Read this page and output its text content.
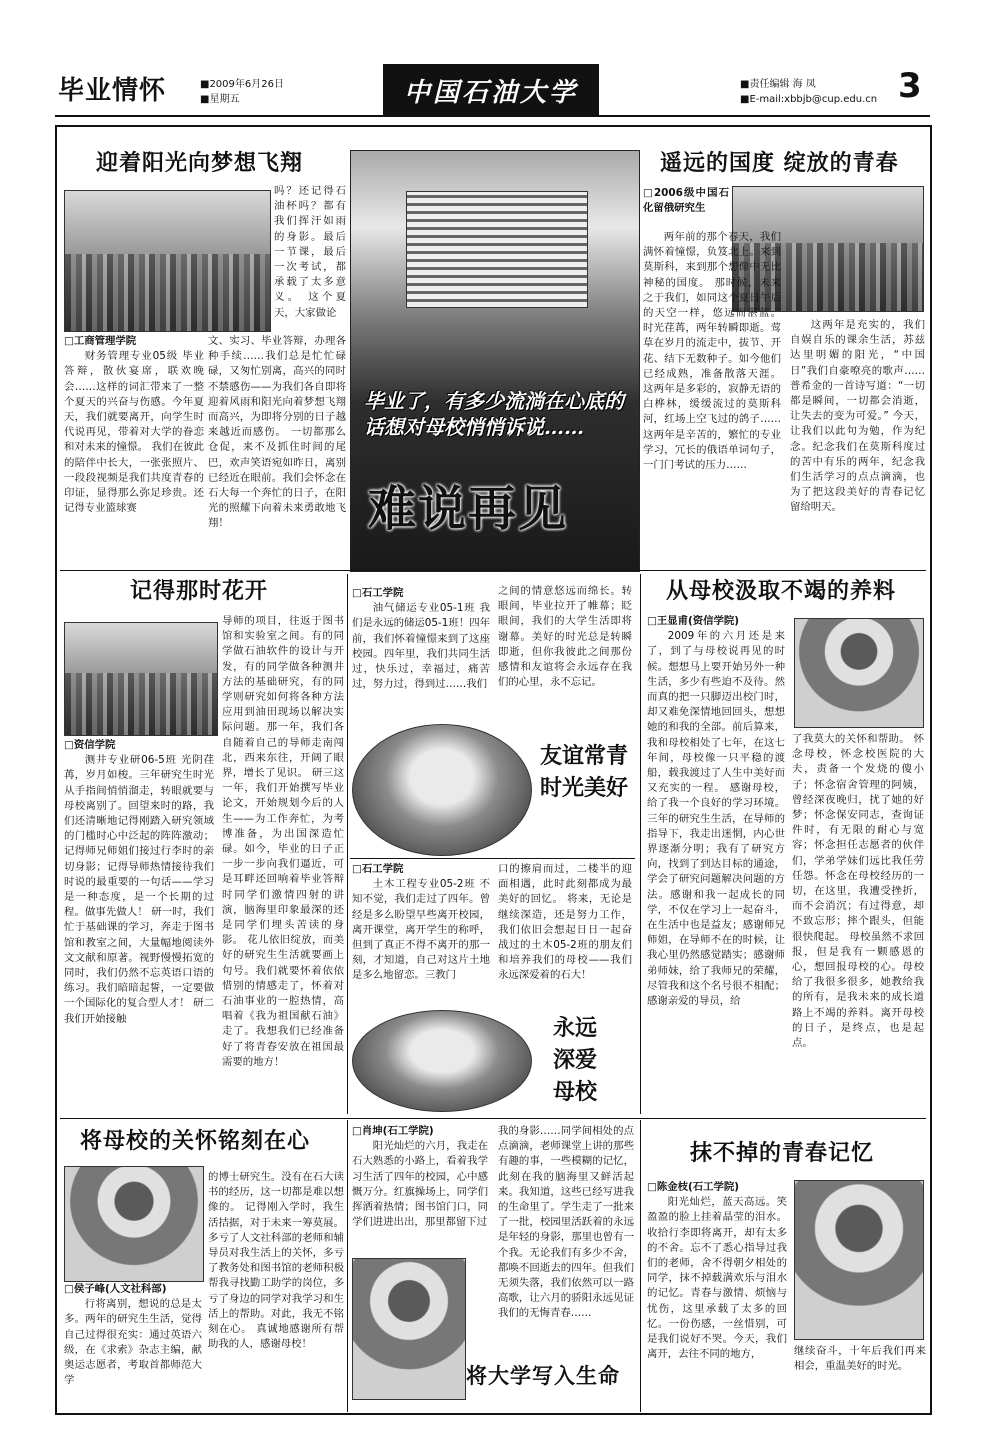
毕业情怀	■2009年6月26日
■星期五	中国石油大学	■责任编辑 海 凤
■E-mail:xbbjb@cup.edu.cn 3
毕业了，有多少流淌在心底的话想对母校悄悄诉说……
难说再见
迎着阳光向梦想飞翔

□工商管理学院

财务管理专业05级 毕业答辩，散伙宴席，联欢晚会……这样的词汇带来了一整个夏天的兴奋与伤感。今年夏天，我们就要离开，向学生时代说再见，带着对大学的眷恋和对未来的憧憬。 我们在彼此的陪伴中长大，一张张照片、一段段视频是我们共度青春的印证，显得那么弥足珍贵。还记得专业篮球赛

吗？还记得石油杯吗？都有我们挥汗如雨的身影。最后一节课，最后一次考试，都承载了太多意义。 这个夏天，大家做论

文、实习、毕业答辩，办理各种手续……我们总是忙忙碌碌，又匆忙别离，高兴的同时不禁感伤——为我们各自即将迎着风雨和阳光向着梦想飞翔而高兴，为即将分别的日子越来越近而感伤。 一切都那么仓促，来不及抓住时间的尾巴，欢声笑语宛如昨日，离别已经近在眼前。我们会怀念在石大每一个奔忙的日子，在阳光的照耀下向着未来勇敢地飞翔！

遥远的国度 绽放的青春

□2006级中国石化留俄研究生

两年前的那个春天，我们满怀着憧憬，负笈北上。来到莫斯科，来到那个想像中无比神秘的国度。 那时候，未来之于我们，如同这个夏日午后的天空一样，悠远而湛蓝。 时光荏苒，两年转瞬即逝。莺草在岁月的流走中，拔节、开花、结下无数种子。如今他们已经成熟，准备散落天涯。 这两年是多彩的，寂静无语的白桦林，缓缓流过的莫斯科河，红场上空飞过的鸽子…… 这两年是辛苦的，繁忙的专业学习，冗长的俄语单词句子，一门门考试的压力……

这两年是充实的，我们自娱自乐的课余生活，苏兹达里明媚的阳光，“中国日”我们自豪嘹亮的歌声…… 普希金的一首诗写道：“一切都是瞬间，一切都会消逝，让失去的变为可爱。” 今天，让我们以此句为勉，作为纪念。纪念我们在莫斯科度过的苦中有乐的两年，纪念我们生活学习的点点滴滴，也为了把这段美好的青春记忆留给明天。

记得那时花开

□资信学院

测井专业研06-5班 光阴荏苒，岁月如梭。三年研究生时光从手指间悄悄溜走，转眼就要与母校离别了。回望来时的路，我们还清晰地记得刚踏入研究领域的门槛时心中泛起的阵阵激动；记得师兄师姐们接过行李时的亲切身影；记得导师热情接待我们时说的最重要的一句话——学习是一种态度，是一个长期的过程。做事先做人！ 研一时，我们忙于基础课的学习，奔走于图书馆和教室之间，大量幅地阅读外文文献和原著。视野慢慢拓宽的同时，我们仍然不忘英语口语的练习。我们暗暗起誓，一定要做一个国际化的复合型人才！ 研二我们开始接触

导师的项目，往返于图书馆和实验室之间。有的同学做石油软件的设计与开发，有的同学做各种测井方法的基础研究，有的同学则研究如何将各种方法应用到油田现场以解决实际问题。那一年，我们各自随着自己的导师走南闯北，西来东往，开阔了眼界，增长了见识。 研三这一年，我们开始撰写毕业论文，开始规划今后的人生——为工作奔忙，为考博准备，为出国深造忙碌。如今，毕业的日子正一步一步向我们逼近，可是耳畔还回响着毕业答辩时同学们激情四射的讲演，脑海里印象最深的还是同学们埋头苦读的身影。 花儿依旧绽放，而美好的研究生生活就要画上句号。我们就要怀着依依惜别的情感走了，怀着对石油事业的一腔热情，高唱着《我为祖国献石油》走了。我想我们已经准备好了将青春安放在祖国最需要的地方！

□石工学院

油气储运专业05-1班 我们是永远的储运05-1班！四年前，我们怀着憧憬来到了这座校园。四年里，我们共同生活过，快乐过，幸福过，痛苦过，努力过，得到过……我们

之间的情意悠远而绵长。转眼间，毕业拉开了帷幕；眨眼间，我们的大学生活即将谢幕。美好的时光总是转瞬即逝，但你我彼此之间那份感情和友谊将会永远存在我们的心里，永不忘记。

友谊常青
时光美好

□石工学院

土木工程专业05-2班 不知不觉，我们走过了四年。曾经是多么盼望早些离开校园，离开课堂，离开学生的称呼，但到了真正不得不离开的那一刻，才知道，自己对这片土地是多么地留恋。三教门

口的擦肩而过，二楼半的迎面相遇，此时此刻都成为最美好的回忆。 将来，无论是继续深造，还是努力工作，我们依旧会想起日日一起奋战过的土木05-2班的朋友们和培养我们的母校——我们永远深爱着的石大！

永远
深爱
母校
从母校汲取不竭的养料

□王显甫(资信学院)

2009年的六月还是来了，到了与母校说再见的时候。想想马上要开始另外一种生活，多少有些迫不及待。然而真的把一只脚迈出校门时，却又难免深情地回回头，想想她的和我的全部。前后算来，我和母校相处了七年，在这七年间，母校像一只平稳的渡船，载我渡过了人生中美好而又充实的一程。 感谢母校，给了我一个良好的学习环境。三年的研究生生活，在导师的指导下，我走出迷惘，内心世界逐渐分明；我有了研究方向，找到了到达目标的通途，学会了研究问题解决问题的方法。感谢和我一起成长的同学，不仅在学习上一起奋斗，在生活中也是益友；感谢师兄师姐，在导师不在的时候，让我心里仍然感觉踏实；感谢师弟师妹，给了我师兄的荣耀，尽管我和这个名号很不相配；感谢亲爱的导员，给

了我莫大的关怀和帮助。 怀念母校，怀念校医院的大夫，责备一个发烧的傻小子；怀念宿舍管理的阿姨，曾经深夜晚归，扰了她的好梦；怀念保安同志，查询证件时，有无限的耐心与宽容；怀念担任志愿者的伙伴们，学弟学妹们远比我任劳任怨。怀念在母校经历的一切，在这里，我遭受挫折，而不会消沉；有过得意，却不致忘形；摔个跟头，但能很快爬起。 母校虽然不求回报，但是我有一颗感恩的心，想回报母校的心。母校给了我很多很多，她教给我的所有，是我未来的成长道路上不竭的养料。离开母校的日子，是终点，也是起点。

将母校的关怀铭刻在心

□侯子峰(人文社科部)

行将离别，想说的总是太多。两年的研究生生活，觉得自己过得很充实：通过英语六级，在《求索》杂志主编，献奥运志愿者，考取首都师范大学

的博士研究生。没有在石大读书的经历，这一切都是难以想像的。 记得刚入学时，我生活拮据，对于未来一筹莫展。多亏了人文社科部的老师和辅导员对我生活上的关怀，多亏了教务处和图书馆的老师积极帮我寻找勤工助学的岗位，多亏了身边的同学对我学习和生活上的帮助。对此，我无不铭刻在心。 真诚地感谢所有帮助我的人，感谢母校！

□肖坤(石工学院)

阳光灿烂的六月，我走在石大熟悉的小路上，看着我学习生活了四年的校园，心中感慨万分。红旗操场上，同学们挥洒着热情；图书馆门口，同学们进进出出，那里都留下过

我的身影……同学间相处的点点滴滴，老师课堂上讲的那些有趣的事，一些模糊的记忆，此刻在我的脑海里又鲜活起来。我知道，这些已经写进我的生命里了。学生走了一批来了一批，校园里活跃着的永远是年轻的身影，那里也曾有一个我。无论我们有多少不舍，都唤不回逝去的四年。但我们无须失落，我们依然可以一路高歌，让六月的骄阳永远见证我们的无悔青春……

将大学写入生命
抹不掉的青春记忆

□陈金枝(石工学院)

阳光灿烂，蓝天高远。笑盈盈的脸上挂着晶莹的泪水。收拾行李即将离开，却有太多的不舍。忘不了悉心指导过我们的老师，舍不得朝夕相处的同学，抹不掉载满欢乐与泪水的记忆。青春与激情、烦恼与忧伤，这里承载了太多的回忆。一份伤感，一丝惜别，可是我们说好不哭。今天，我们离开，去往不同的地方，	继续奋斗，十年后我们再来相会，重温美好的时光。
